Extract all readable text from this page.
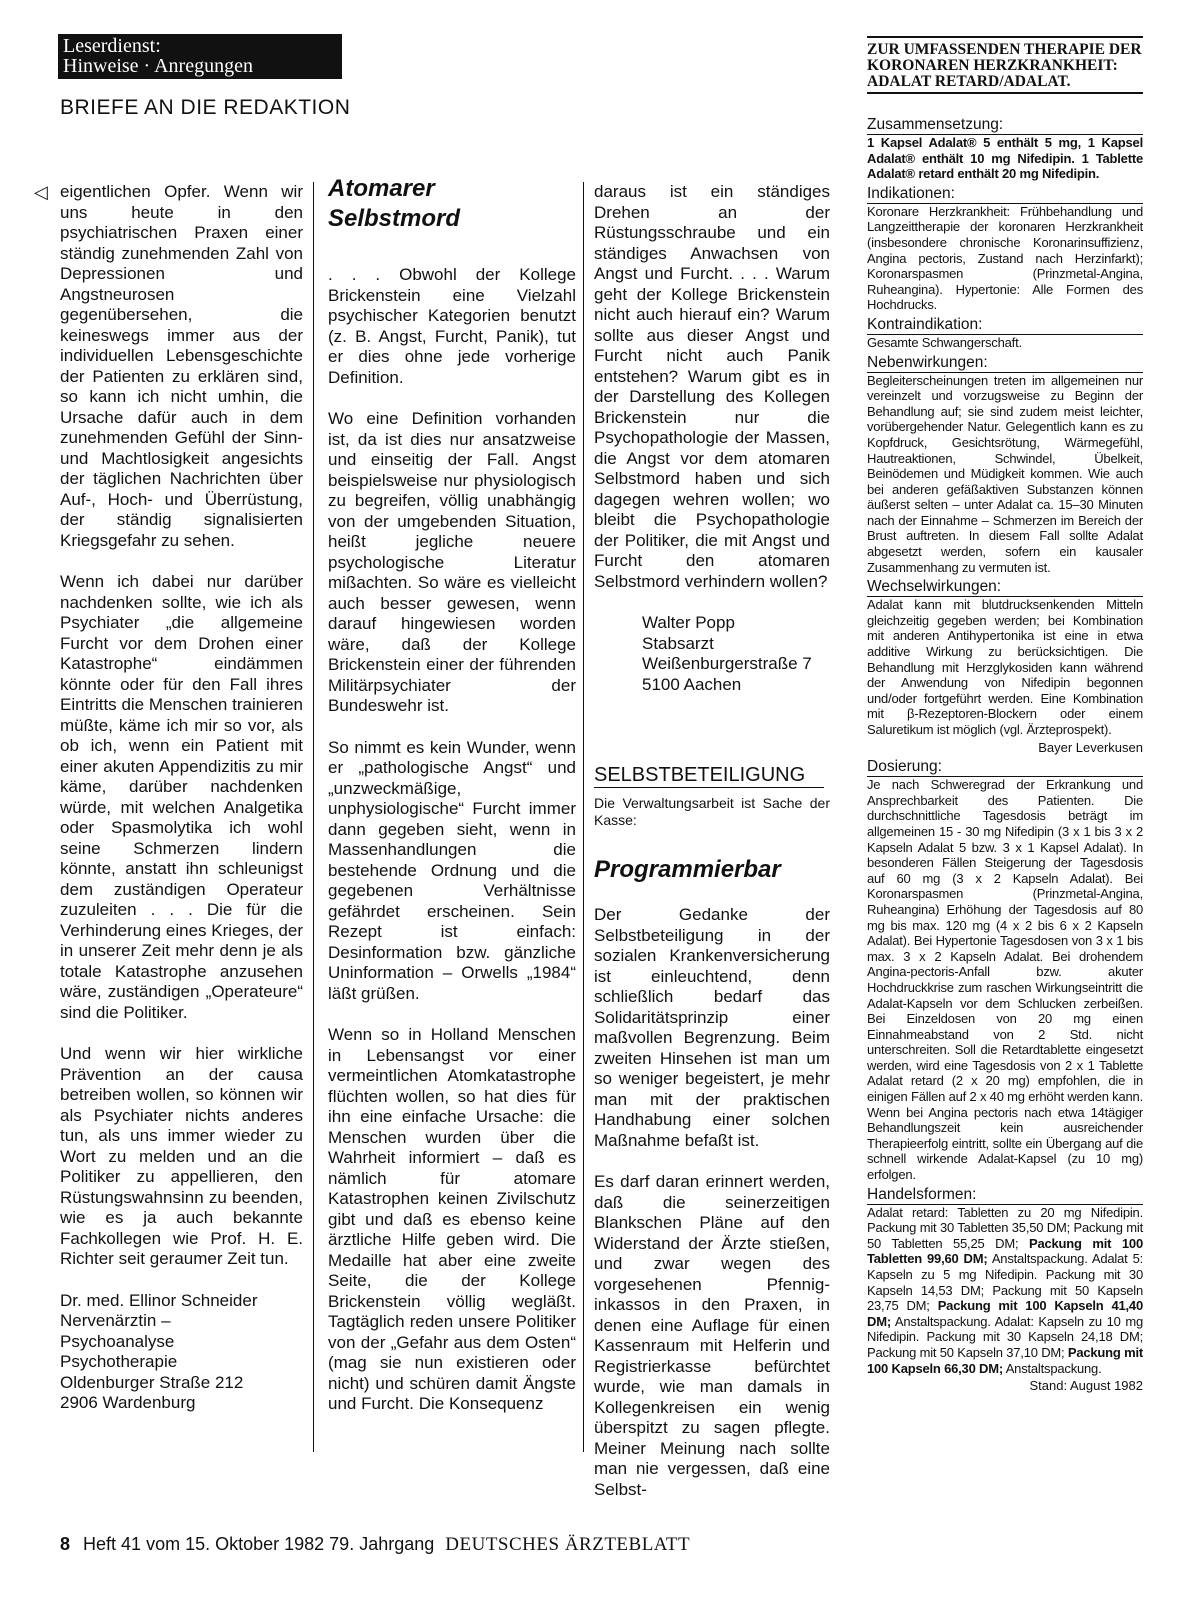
Leserdienst:
Hinweise · Anregungen
BRIEFE AN DIE REDAKTION
◁ eigentlichen Opfer. Wenn wir uns heute in den psychiatrischen Praxen einer ständig zunehmenden Zahl von Depressionen und Angstneurosen gegenübersehen, die keineswegs immer aus der individuellen Lebensgeschichte der Patienten zu erklären sind, so kann ich nicht umhin, die Ursache dafür auch in dem zunehmenden Gefühl der Sinn- und Machtlosigkeit angesichts der täglichen Nachrichten über Auf-, Hoch- und Überrüstung, der ständig signalisierten Kriegsgefahr zu sehen.

Wenn ich dabei nur darüber nachdenken sollte, wie ich als Psychiater „die allgemeine Furcht vor dem Drohen einer Katastrophe“ eindämmen könnte oder für den Fall ihres Eintritts die Menschen trainieren müßte, käme ich mir so vor, als ob ich, wenn ein Patient mit einer akuten Appendizitis zu mir käme, darüber nachdenken würde, mit welchen Analgetika oder Spasmolytika ich wohl seine Schmerzen lindern könnte, anstatt ihn schleunigst dem zuständigen Operateur zuzuleiten . . . Die für die Verhinderung eines Krieges, der in unserer Zeit mehr denn je als totale Katastrophe anzusehen wäre, zuständigen „Operateure“ sind die Politiker.

Und wenn wir hier wirkliche Prävention an der causa betreiben wollen, so können wir als Psychiater nichts anderes tun, als uns immer wieder zu Wort zu melden und an die Politiker zu appellieren, den Rüstungswahnsinn zu beenden, wie es ja auch bekannte Fachkollegen wie Prof. H. E. Richter seit geraumer Zeit tun.

Dr. med. Ellinor Schneider
Nervenärztin –
Psychoanalyse
Psychotherapie
Oldenburger Straße 212
2906 Wardenburg
Atomarer
Selbstmord

. . . Obwohl der Kollege Brickenstein eine Vielzahl psychischer Kategorien benutzt (z. B. Angst, Furcht, Panik), tut er dies ohne jede vorherige Definition.

Wo eine Definition vorhanden ist, da ist dies nur ansatzweise und einseitig der Fall. Angst beispielsweise nur physiologisch zu begreifen, völlig unabhängig von der umgebenden Situation, heißt jegliche neuere psychologische Literatur mißachten. So wäre es vielleicht auch besser gewesen, wenn darauf hingewiesen worden wäre, daß der Kollege Brickenstein einer der führenden Militärpsychiater der Bundeswehr ist.

So nimmt es kein Wunder, wenn er „pathologische Angst“ und „unzweckmäßige, unphysiologische“ Furcht immer dann gegeben sieht, wenn in Massenhandlungen die bestehende Ordnung und die gegebenen Verhältnisse gefährdet erscheinen. Sein Rezept ist einfach: Desinformation bzw. gänzliche Uninformation – Orwells „1984“ läßt grüßen.

Wenn so in Holland Menschen in Lebensangst vor einer vermeintlichen Atomkatastrophe flüchten wollen, so hat dies für ihn eine einfache Ursache: die Menschen wurden über die Wahrheit informiert – daß es nämlich für atomare Katastrophen keinen Zivilschutz gibt und daß es ebenso keine ärztliche Hilfe geben wird. Die Medaille hat aber eine zweite Seite, die der Kollege Brickenstein völlig wegläßt. Tagtäglich reden unsere Politiker von der „Gefahr aus dem Osten“ (mag sie nun existieren oder nicht) und schüren damit Ängste und Furcht. Die Konsequenz

daraus ist ein ständiges Drehen an der Rüstungsschraube und ein ständiges Anwachsen von Angst und Furcht. . . . Warum geht der Kollege Brickenstein nicht auch hierauf ein? Warum sollte aus dieser Angst und Furcht nicht auch Panik entstehen? Warum gibt es in der Darstellung des Kollegen Brickenstein nur die Psychopathologie der Massen, die Angst vor dem atomaren Selbstmord haben und sich dagegen wehren wollen; wo bleibt die Psychopathologie der Politiker, die mit Angst und Furcht den atomaren Selbstmord verhindern wollen?

Walter Popp
Stabsarzt
Weißenburgerstraße 7
5100 Aachen
SELBSTBETEILIGUNG
Die Verwaltungsarbeit ist Sache der Kasse:
Programmierbar

Der Gedanke der Selbstbeteiligung in der sozialen Krankenversicherung ist einleuchtend, denn schließlich bedarf das Solidaritätsprinzip einer maßvollen Begrenzung. Beim zweiten Hinsehen ist man um so weniger begeistert, je mehr man mit der praktischen Handhabung einer solchen Maßnahme befaßt ist.

Es darf daran erinnert werden, daß die seinerzeitigen Blankschen Pläne auf den Widerstand der Ärzte stießen, und zwar wegen des vorgesehenen Pfennig-inkassos in den Praxen, in denen eine Auflage für einen Kassenraum mit Helferin und Registrierkasse befürchtet wurde, wie man damals in Kollegenkreisen ein wenig überspitzt zu sagen pflegte. Meiner Meinung nach sollte man nie vergessen, daß eine Selbst-

ZUR UMFASSENDEN THERAPIE DER KORONAREN HERZKRANKHEIT: ADALAT RETARD/ADALAT.
Zusammensetzung:
1 Kapsel Adalat® 5 enthält 5 mg, 1 Kapsel Adalat® enthält 10 mg Nifedipin. 1 Tablette Adalat® retard enthält 20 mg Nifedipin.
Indikationen:
Koronare Herzkrankheit: Frühbehandlung und Langzeittherapie der koronaren Herzkrankheit (insbesondere chronische Koronarinsuffizienz, Angina pectoris, Zustand nach Herzinfarkt); Koronarspasmen (Prinzmetal-Angina, Ruheangina). Hypertonie: Alle Formen des Hochdrucks.
Kontraindikation:
Gesamte Schwangerschaft.
Nebenwirkungen:
Begleiterscheinungen treten im allgemeinen nur vereinzelt und vorzugsweise zu Beginn der Behandlung auf; sie sind zudem meist leichter, vorübergehender Natur. Gelegentlich kann es zu Kopfdruck, Gesichtsrötung, Wärmegefühl, Hautreaktionen, Schwindel, Übelkeit, Beinödemen und Müdigkeit kommen. Wie auch bei anderen gefäßaktiven Substanzen können äußerst selten – unter Adalat ca. 15–30 Minuten nach der Einnahme – Schmerzen im Bereich der Brust auftreten. In diesem Fall sollte Adalat abgesetzt werden, sofern ein kausaler Zusammenhang zu vermuten ist.
Wechselwirkungen:
Adalat kann mit blutdrucksenkenden Mitteln gleichzeitig gegeben werden; bei Kombination mit anderen Antihypertonika ist eine in etwa additive Wirkung zu berücksichtigen. Die Behandlung mit Herzglykosiden kann während der Anwendung von Nifedipin begonnen und/oder fortgeführt werden. Eine Kombination mit β-Rezeptoren-Blockern oder einem Saluretikum ist möglich (vgl. Ärzteprospekt).
Bayer Leverkusen
Dosierung:
Je nach Schweregrad der Erkrankung und Ansprechbarkeit des Patienten. Die durchschnittliche Tagesdosis beträgt im allgemeinen 15 - 30 mg Nifedipin (3 x 1 bis 3 x 2 Kapseln Adalat 5 bzw. 3 x 1 Kapsel Adalat). In besonderen Fällen Steigerung der Tagesdosis auf 60 mg (3 x 2 Kapseln Adalat). Bei Koronarspasmen (Prinzmetal-Angina, Ruheangina) Erhöhung der Tagesdosis auf 80 mg bis max. 120 mg (4 x 2 bis 6 x 2 Kapseln Adalat). Bei Hypertonie Tagesdosen von 3 x 1 bis max. 3 x 2 Kapseln Adalat. Bei drohendem Angina-pectoris-Anfall bzw. akuter Hochdruckkrise zum raschen Wirkungseintritt die Adalat-Kapseln vor dem Schlucken zerbeißen. Bei Einzeldosen von 20 mg einen Einnahmeabstand von 2 Std. nicht unterschreiten. Soll die Retardtablette eingesetzt werden, wird eine Tagesdosis von 2 x 1 Tablette Adalat retard (2 x 20 mg) empfohlen, die in einigen Fällen auf 2 x 40 mg erhöht werden kann. Wenn bei Angina pectoris nach etwa 14tägiger Behandlungszeit kein ausreichender Therapieerfolg eintritt, sollte ein Übergang auf die schnell wirkende Adalat-Kapsel (zu 10 mg) erfolgen.
Handelsformen:
Adalat retard: Tabletten zu 20 mg Nifedipin. Packung mit 30 Tabletten 35,50 DM; Packung mit 50 Tabletten 55,25 DM; Packung mit 100 Tabletten 99,60 DM; Anstaltspackung. Adalat 5: Kapseln zu 5 mg Nifedipin. Packung mit 30 Kapseln 14,53 DM; Packung mit 50 Kapseln 23,75 DM; Packung mit 100 Kapseln 41,40 DM; Anstaltspackung. Adalat: Kapseln zu 10 mg Nifedipin. Packung mit 30 Kapseln 24,18 DM; Packung mit 50 Kapseln 37,10 DM; Packung mit 100 Kapseln 66,30 DM; Anstaltspackung.
Stand: August 1982
8 Heft 41 vom 15. Oktober 1982 79. Jahrgang DEUTSCHES ÄRZTEBLATT
